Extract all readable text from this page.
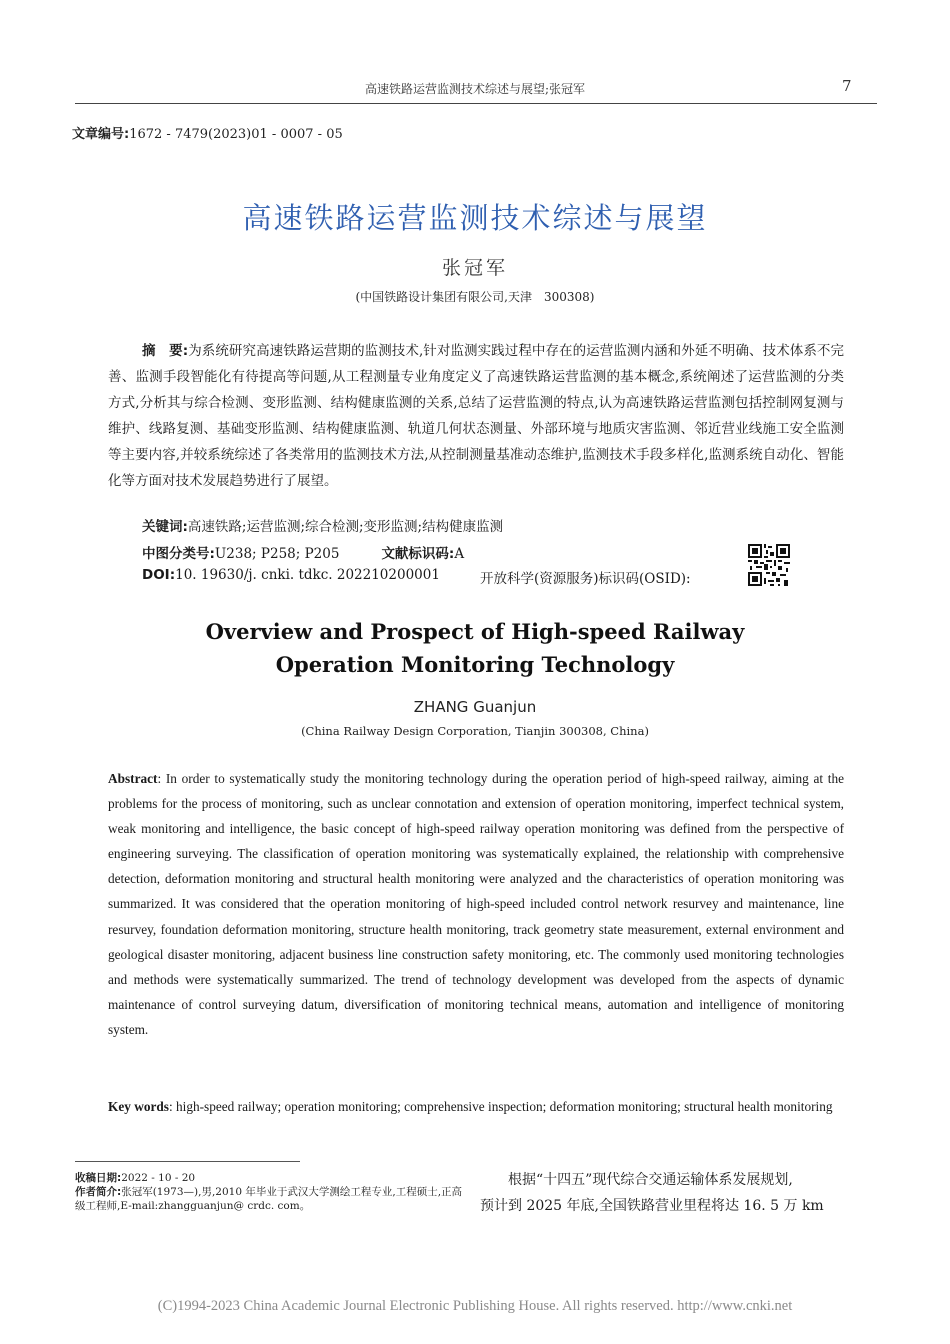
高速铁路运营监测技术综述与展望;张冠军	7
文章编号:1672 - 7479(2023)01 - 0007 - 05
高速铁路运营监测技术综述与展望
张冠军
(中国铁路设计集团有限公司,天津　300308)
摘　要:为系统研究高速铁路运营期的监测技术,针对监测实践过程中存在的运营监测内涵和外延不明确、技术体系不完善、监测手段智能化有待提高等问题,从工程测量专业角度定义了高速铁路运营监测的基本概念,系统阐述了运营监测的分类方式,分析其与综合检测、变形监测、结构健康监测的关系,总结了运营监测的特点,认为高速铁路运营监测包括控制网复测与维护、线路复测、基础变形监测、结构健康监测、轨道几何状态测量、外部环境与地质灾害监测、邻近营业线施工安全监测等主要内容,并较系统综述了各类常用的监测技术方法,从控制测量基准动态维护,监测技术手段多样化,监测系统自动化、智能化等方面对技术发展趋势进行了展望。
关键词:高速铁路;运营监测;综合检测;变形监测;结构健康监测
中图分类号:U238; P258; P205	文献标识码:A
DOI:10. 19630/j. cnki. tdkc. 202210200001	开放科学(资源服务)标识码(OSID):
Overview and Prospect of High-speed Railway
Operation Monitoring Technology
ZHANG Guanjun
(China Railway Design Corporation, Tianjin 300308, China)
Abstract: In order to systematically study the monitoring technology during the operation period of high-speed railway, aiming at the problems for the process of monitoring, such as unclear connotation and extension of operation monitoring, imperfect technical system, weak monitoring and intelligence, the basic concept of high-speed railway operation monitoring was defined from the perspective of engineering surveying. The classification of operation monitoring was systematically explained, the relationship with comprehensive detection, deformation monitoring and structural health monitoring were analyzed and the characteristics of operation monitoring was summarized. It was considered that the operation monitoring of high-speed included control network resurvey and maintenance, line resurvey, foundation deformation monitoring, structure health monitoring, track geometry state measurement, external environment and geological disaster monitoring, adjacent business line construction safety monitoring, etc. The commonly used monitoring technologies and methods were systematically summarized. The trend of technology development was developed from the aspects of dynamic maintenance of control surveying datum, diversification of monitoring technical means, automation and intelligence of monitoring system.
Key words: high-speed railway; operation monitoring; comprehensive inspection; deformation monitoring; structural health monitoring
收稿日期:2022 - 10 - 20
作者简介:张冠军(1973—),男,2010 年毕业于武汉大学测绘工程专业,工程硕士,正高级工程师,E-mail:zhangguanjun@ crdc. com。

根据“十四五”现代综合交通运输体系发展规划,

预计到 2025 年底,全国铁路营业里程将达 16. 5 万 km

(C)1994-2023 China Academic Journal Electronic Publishing House. All rights reserved. http://www.cnki.net
